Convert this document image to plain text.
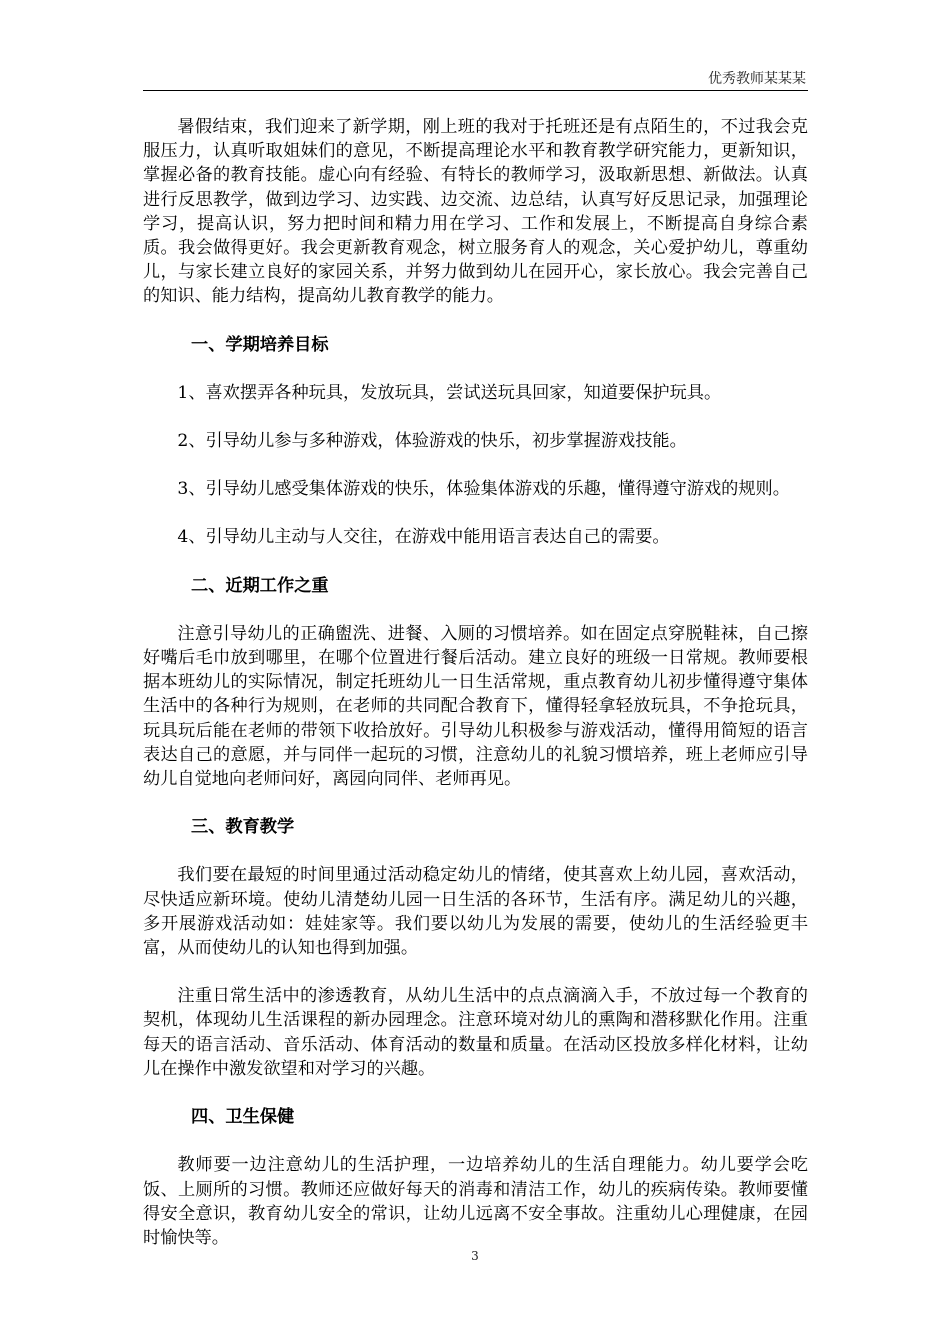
优秀教师某某某

暑假结束，我们迎来了新学期，刚上班的我对于托班还是有点陌生的，不过我会克服压力，认真听取姐妹们的意见，不断提高理论水平和教育教学研究能力，更新知识，掌握必备的教育技能。虚心向有经验、有特长的教师学习，汲取新思想、新做法。认真进行反思教学，做到边学习、边实践、边交流、边总结，认真写好反思记录，加强理论学习，提高认识，努力把时间和精力用在学习、工作和发展上，不断提高自身综合素质。我会做得更好。我会更新教育观念，树立服务育人的观念，关心爱护幼儿，尊重幼儿，与家长建立良好的家园关系，并努力做到幼儿在园开心，家长放心。我会完善自己的知识、能力结构，提高幼儿教育教学的能力。

一、学期培养目标

1、喜欢摆弄各种玩具，发放玩具，尝试送玩具回家，知道要保护玩具。

2、引导幼儿参与多种游戏，体验游戏的快乐，初步掌握游戏技能。

3、引导幼儿感受集体游戏的快乐，体验集体游戏的乐趣，懂得遵守游戏的规则。

4、引导幼儿主动与人交往，在游戏中能用语言表达自己的需要。

二、近期工作之重

注意引导幼儿的正确盥洗、进餐、入厕的习惯培养。如在固定点穿脱鞋袜，自己擦好嘴后毛巾放到哪里，在哪个位置进行餐后活动。建立良好的班级一日常规。教师要根据本班幼儿的实际情况，制定托班幼儿一日生活常规，重点教育幼儿初步懂得遵守集体生活中的各种行为规则，在老师的共同配合教育下，懂得轻拿轻放玩具，不争抢玩具，玩具玩后能在老师的带领下收拾放好。引导幼儿积极参与游戏活动，懂得用简短的语言表达自己的意愿，并与同伴一起玩的习惯，注意幼儿的礼貌习惯培养，班上老师应引导幼儿自觉地向老师问好，离园向同伴、老师再见。

三、教育教学

我们要在最短的时间里通过活动稳定幼儿的情绪，使其喜欢上幼儿园，喜欢活动，尽快适应新环境。使幼儿清楚幼儿园一日生活的各环节，生活有序。满足幼儿的兴趣，多开展游戏活动如：娃娃家等。我们要以幼儿为发展的需要，使幼儿的生活经验更丰富，从而使幼儿的认知也得到加强。

注重日常生活中的渗透教育，从幼儿生活中的点点滴滴入手，不放过每一个教育的契机，体现幼儿生活课程的新办园理念。注意环境对幼儿的熏陶和潜移默化作用。注重每天的语言活动、音乐活动、体育活动的数量和质量。在活动区投放多样化材料，让幼儿在操作中激发欲望和对学习的兴趣。

四、卫生保健

教师要一边注意幼儿的生活护理，一边培养幼儿的生活自理能力。幼儿要学会吃饭、上厕所的习惯。教师还应做好每天的消毒和清洁工作，幼儿的疾病传染。教师要懂得安全意识，教育幼儿安全的常识，让幼儿远离不安全事故。注重幼儿心理健康，在园时愉快等。

3
